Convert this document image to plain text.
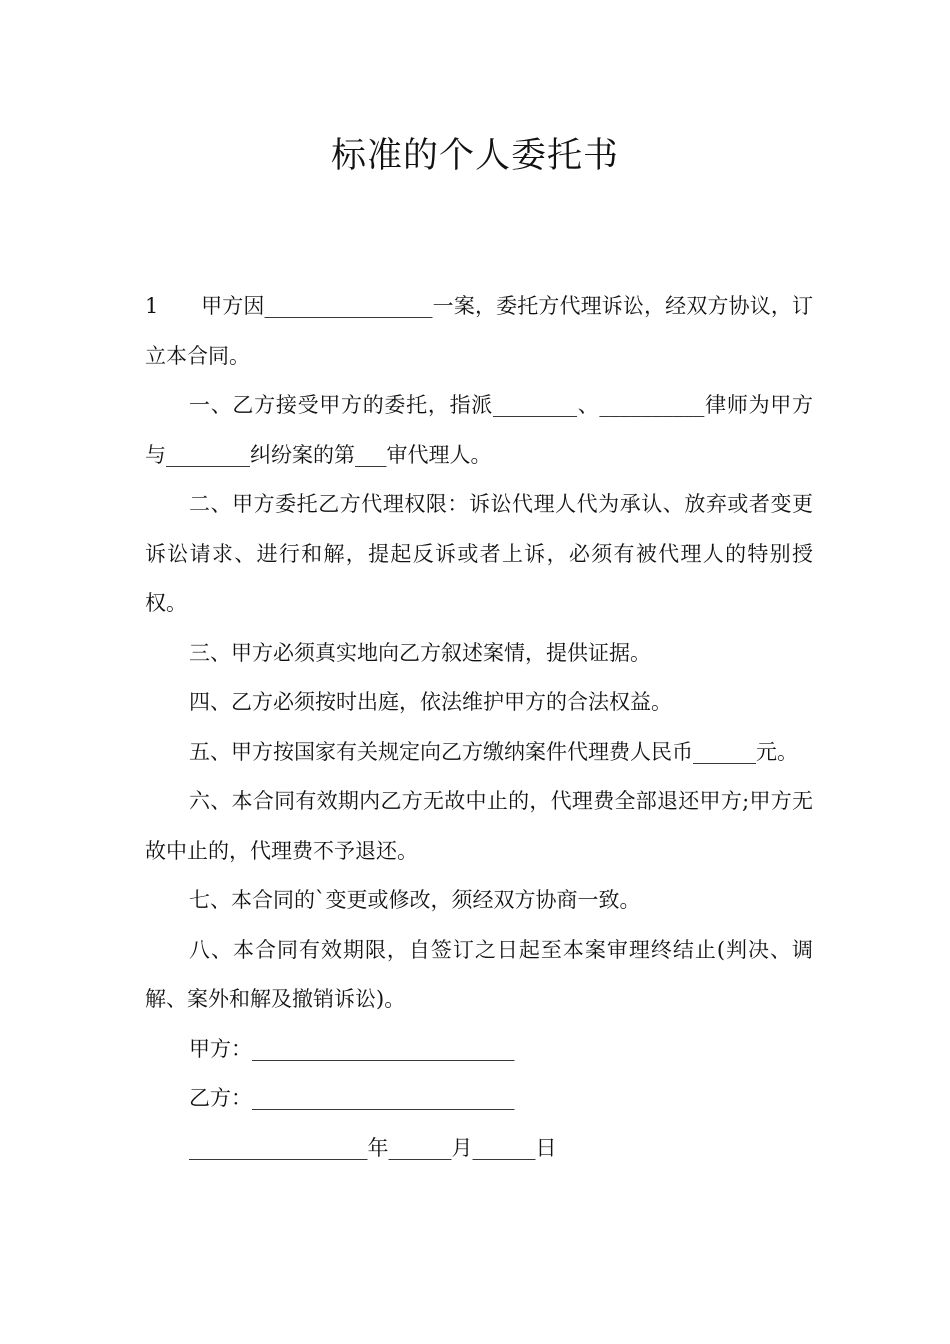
标准的个人委托书

1 甲方因________________一案，委托方代理诉讼，经双方协议，订立本合同。

一、乙方接受甲方的委托，指派________、__________律师为甲方与________纠纷案的第___审代理人。

二、甲方委托乙方代理权限：诉讼代理人代为承认、放弃或者变更诉讼请求、进行和解，提起反诉或者上诉，必须有被代理人的特别授权。

三、甲方必须真实地向乙方叙述案情，提供证据。

四、乙方必须按时出庭，依法维护甲方的合法权益。

五、甲方按国家有关规定向乙方缴纳案件代理费人民币______元。

六、本合同有效期内乙方无故中止的，代理费全部退还甲方;甲方无故中止的，代理费不予退还。

七、本合同的`变更或修改，须经双方协商一致。

八、本合同有效期限，自签订之日起至本案审理终结止(判决、调解、案外和解及撤销诉讼)。

甲方：_________________________

乙方：_________________________

_________________年______月______日
